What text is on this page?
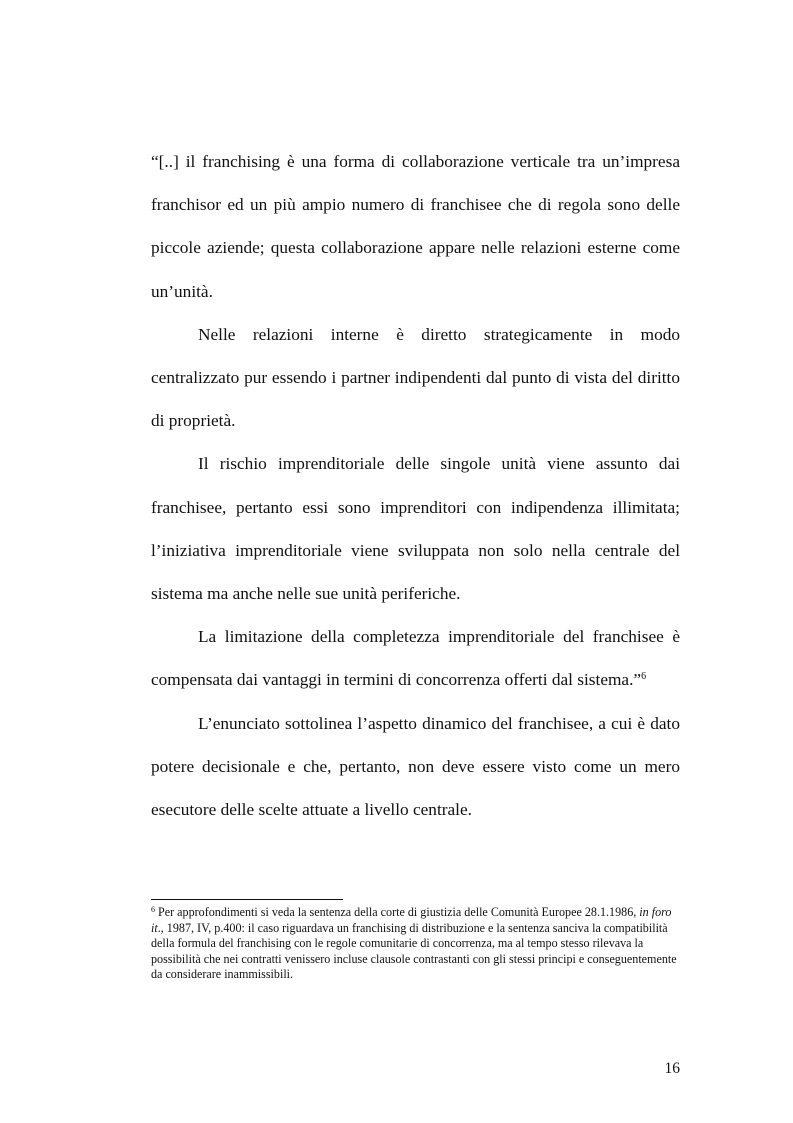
“[..] il franchising è una forma di collaborazione verticale tra un’impresa franchisor ed un più ampio numero di franchisee che di regola sono delle piccole aziende; questa collaborazione appare nelle relazioni esterne come un’unità.

Nelle relazioni interne è diretto strategicamente in modo centralizzato pur essendo i partner indipendenti dal punto di vista del diritto di proprietà.

Il rischio imprenditoriale delle singole unità viene assunto dai franchisee, pertanto essi sono imprenditori con indipendenza illimitata; l’iniziativa imprenditoriale viene sviluppata non solo nella centrale del sistema ma anche nelle sue unità periferiche.

La limitazione della completezza imprenditoriale del franchisee è compensata dai vantaggi in termini di concorrenza offerti dal sistema.”$^6$

L’enunciato sottolinea l’aspetto dinamico del franchisee, a cui è dato potere decisionale e che, pertanto, non deve essere visto come un mero esecutore delle scelte attuate a livello centrale.

$^6$ Per approfondimenti si veda la sentenza della corte di giustizia delle Comunità Europee 28.1.1986, in foro it., 1987, IV, p.400: il caso riguardava un franchising di distribuzione e la sentenza sanciva la compatibilità della formula del franchising con le regole comunitarie di concorrenza, ma al tempo stesso rilevava la possibilità che nei contratti venissero incluse clausole contrastanti con gli stessi principi e conseguentemente da considerare inammissibili.
16
